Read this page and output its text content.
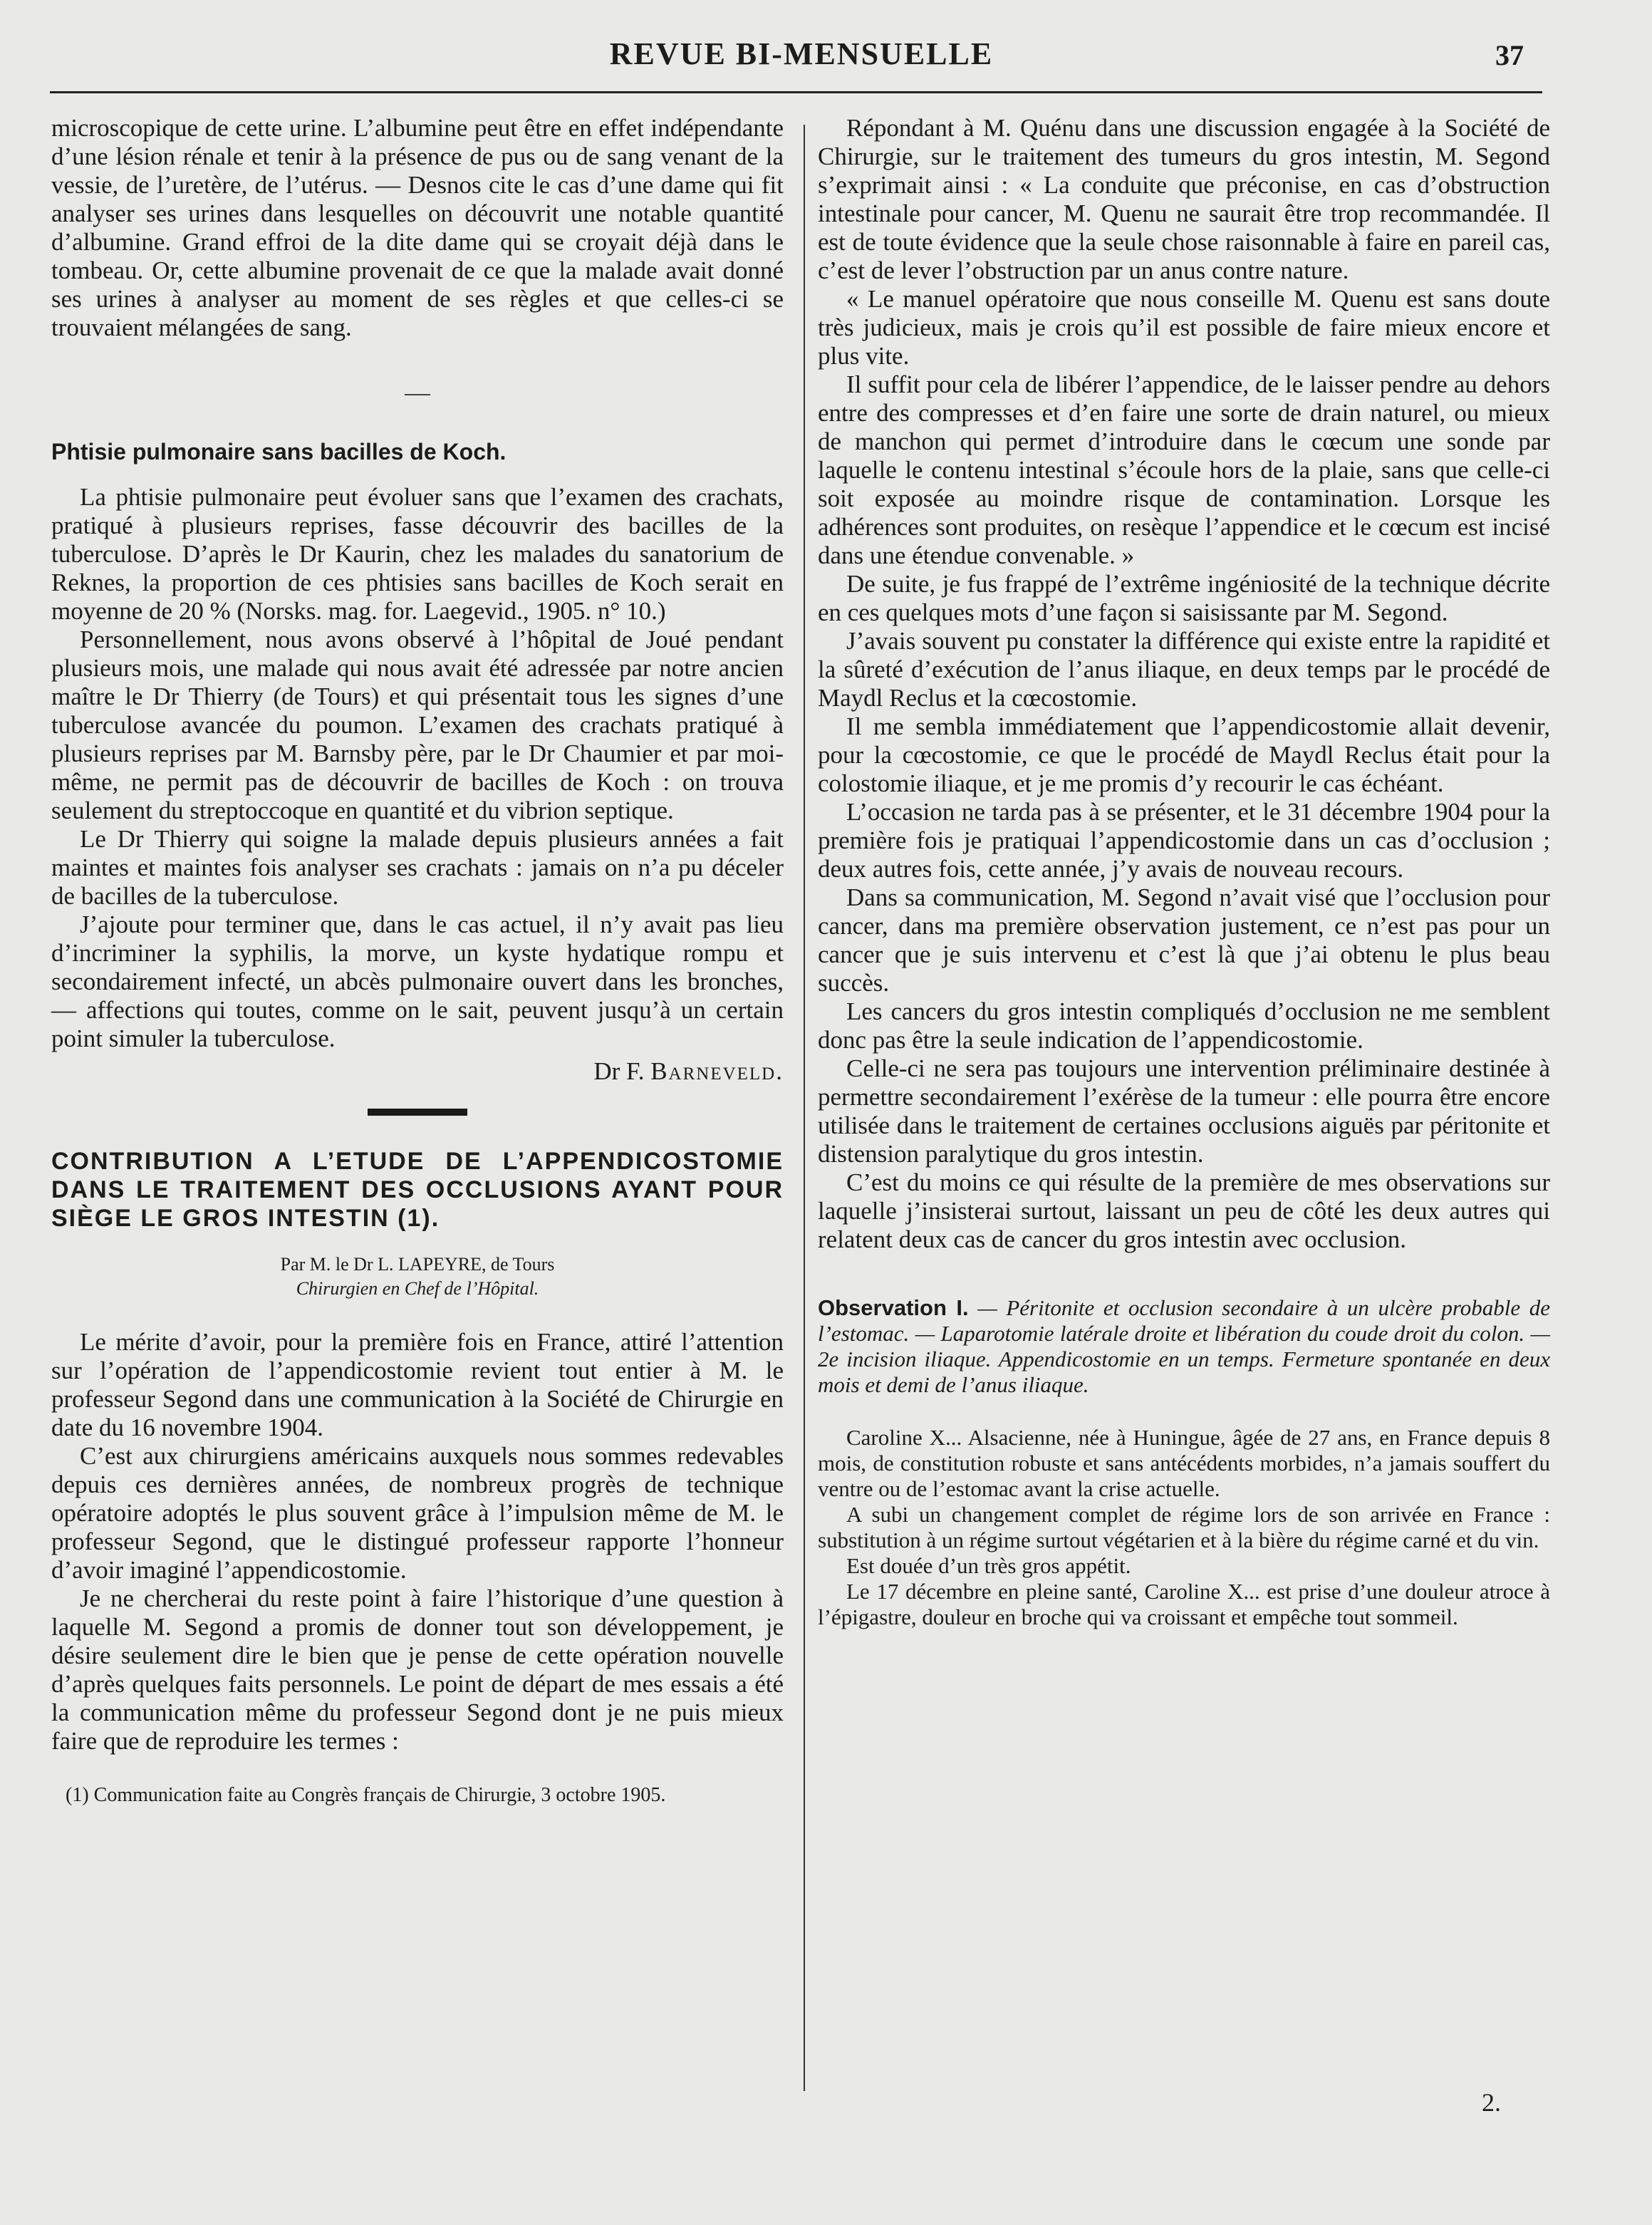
REVUE BI-MENSUELLE	37

microscopique de cette urine. L’albumine peut être en effet indépendante d’une lésion rénale et tenir à la présence de pus ou de sang venant de la vessie, de l’uretère, de l’utérus. — Desnos cite le cas d’une dame qui fit analyser ses urines dans lesquelles on découvrit une notable quantité d’albumine. Grand effroi de la dite dame qui se croyait déjà dans le tombeau. Or, cette albumine provenait de ce que la malade avait donné ses urines à analyser au moment de ses règles et que celles-ci se trouvaient mélangées de sang.

Phtisie pulmonaire sans bacilles de Koch.

La phtisie pulmonaire peut évoluer sans que l’examen des crachats, pratiqué à plusieurs reprises, fasse découvrir des bacilles de la tuberculose. D’après le Dr Kaurin, chez les malades du sanatorium de Reknes, la proportion de ces phtisies sans bacilles de Koch serait en moyenne de 20 % (Norsks. mag. for. Laegevid., 1905. n° 10.)

Personnellement, nous avons observé à l’hôpital de Joué pendant plusieurs mois, une malade qui nous avait été adressée par notre ancien maître le Dr Thierry (de Tours) et qui présentait tous les signes d’une tuberculose avancée du poumon. L’examen des crachats pratiqué à plusieurs reprises par M. Barnsby père, par le Dr Chaumier et par moi-même, ne permit pas de découvrir de bacilles de Koch : on trouva seulement du streptoccoque en quantité et du vibrion septique.

Le Dr Thierry qui soigne la malade depuis plusieurs années a fait maintes et maintes fois analyser ses crachats : jamais on n’a pu déceler de bacilles de la tuberculose.

J’ajoute pour terminer que, dans le cas actuel, il n’y avait pas lieu d’incriminer la syphilis, la morve, un kyste hydatique rompu et secondairement infecté, un abcès pulmonaire ouvert dans les bronches, — affections qui toutes, comme on le sait, peuvent jusqu’à un certain point simuler la tuberculose.

Dr F. Barneveld.
CONTRIBUTION A L’ETUDE DE L’APPENDICOSTOMIE DANS LE TRAITEMENT DES OCCLUSIONS AYANT POUR SIÈGE LE GROS INTESTIN (1).
Par M. le Dr L. LAPEYRE, de Tours
Chirurgien en Chef de l’Hôpital.

Le mérite d’avoir, pour la première fois en France, attiré l’attention sur l’opération de l’appendicostomie revient tout entier à M. le professeur Segond dans une communication à la Société de Chirurgie en date du 16 novembre 1904.

C’est aux chirurgiens américains auxquels nous sommes redevables depuis ces dernières années, de nombreux progrès de technique opératoire adoptés le plus souvent grâce à l’impulsion même de M. le professeur Segond, que le distingué professeur rapporte l’honneur d’avoir imaginé l’appendicostomie.

Je ne chercherai du reste point à faire l’historique d’une question à laquelle M. Segond a promis de donner tout son développement, je désire seulement dire le bien que je pense de cette opération nouvelle d’après quelques faits personnels. Le point de départ de mes essais a été la communication même du professeur Segond dont je ne puis mieux faire que de reproduire les termes :

(1) Communication faite au Congrès français de Chirurgie, 3 octobre 1905.

Répondant à M. Quénu dans une discussion engagée à la Société de Chirurgie, sur le traitement des tumeurs du gros intestin, M. Segond s’exprimait ainsi : « La conduite que préconise, en cas d’obstruction intestinale pour cancer, M. Quenu ne saurait être trop recommandée. Il est de toute évidence que la seule chose raisonnable à faire en pareil cas, c’est de lever l’obstruction par un anus contre nature.

« Le manuel opératoire que nous conseille M. Quenu est sans doute très judicieux, mais je crois qu’il est possible de faire mieux encore et plus vite.

Il suffit pour cela de libérer l’appendice, de le laisser pendre au dehors entre des compresses et d’en faire une sorte de drain naturel, ou mieux de manchon qui permet d’introduire dans le cœcum une sonde par laquelle le contenu intestinal s’écoule hors de la plaie, sans que celle-ci soit exposée au moindre risque de contamination. Lorsque les adhérences sont produites, on resèque l’appendice et le cœcum est incisé dans une étendue convenable. »

De suite, je fus frappé de l’extrême ingéniosité de la technique décrite en ces quelques mots d’une façon si saisissante par M. Segond.

J’avais souvent pu constater la différence qui existe entre la rapidité et la sûreté d’exécution de l’anus iliaque, en deux temps par le procédé de Maydl Reclus et la cœcostomie.

Il me sembla immédiatement que l’appendicostomie allait devenir, pour la cœcostomie, ce que le procédé de Maydl Reclus était pour la colostomie iliaque, et je me promis d’y recourir le cas échéant.

L’occasion ne tarda pas à se présenter, et le 31 décembre 1904 pour la première fois je pratiquai l’appendicostomie dans un cas d’occlusion ; deux autres fois, cette année, j’y avais de nouveau recours.

Dans sa communication, M. Segond n’avait visé que l’occlusion pour cancer, dans ma première observation justement, ce n’est pas pour un cancer que je suis intervenu et c’est là que j’ai obtenu le plus beau succès.

Les cancers du gros intestin compliqués d’occlusion ne me semblent donc pas être la seule indication de l’appendicostomie.

Celle-ci ne sera pas toujours une intervention préliminaire destinée à permettre secondairement l’exérèse de la tumeur : elle pourra être encore utilisée dans le traitement de certaines occlusions aiguës par péritonite et distension paralytique du gros intestin.

C’est du moins ce qui résulte de la première de mes observations sur laquelle j’insisterai surtout, laissant un peu de côté les deux autres qui relatent deux cas de cancer du gros intestin avec occlusion.

Observation I. — Péritonite et occlusion secondaire à un ulcère probable de l’estomac. — Laparotomie latérale droite et libération du coude droit du colon. — 2e incision iliaque. Appendicostomie en un temps. Fermeture spontanée en deux mois et demi de l’anus iliaque.

Caroline X... Alsacienne, née à Huningue, âgée de 27 ans, en France depuis 8 mois, de constitution robuste et sans antécédents morbides, n’a jamais souffert du ventre ou de l’estomac avant la crise actuelle.

A subi un changement complet de régime lors de son arrivée en France : substitution à un régime surtout végétarien et à la bière du régime carné et du vin.

Est douée d’un très gros appétit.

Le 17 décembre en pleine santé, Caroline X... est prise d’une douleur atroce à l’épigastre, douleur en broche qui va croissant et empêche tout sommeil.

2.
